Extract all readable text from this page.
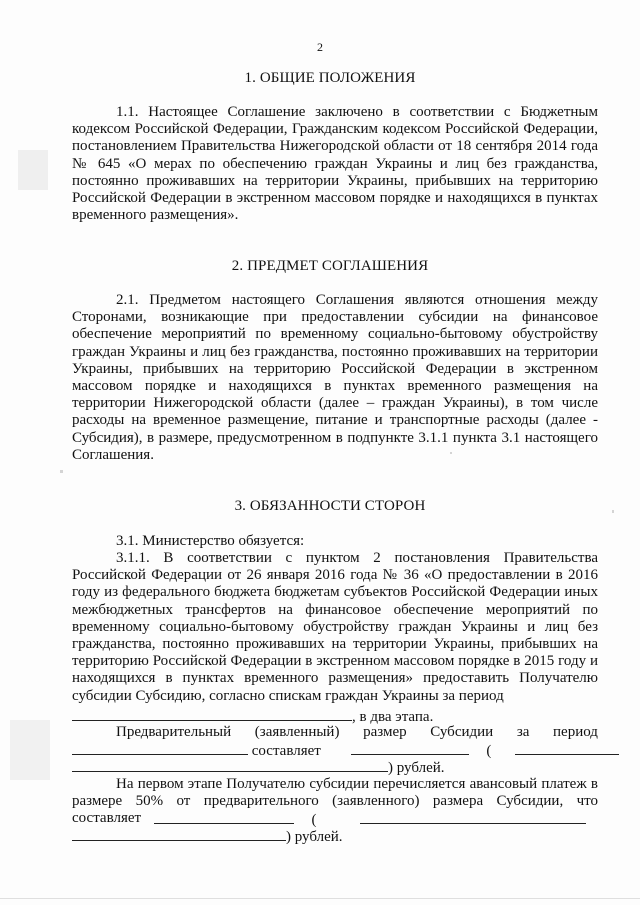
2
1. ОБЩИЕ ПОЛОЖЕНИЯ

1.1. Настоящее Соглашение заключено в соответствии с Бюджетным кодексом Российской Федерации, Гражданским кодексом Российской Федерации, постановлением Правительства Нижегородской области от 18 сентября 2014 года № 645 «О мерах по обеспечению граждан Украины и лиц без гражданства, постоянно проживавших на территории Украины, прибывших на территорию Российской Федерации в экстренном массовом порядке и находящихся в пунктах временного размещения».

2. ПРЕДМЕТ СОГЛАШЕНИЯ

2.1. Предметом настоящего Соглашения являются отношения между Сторонами, возникающие при предоставлении субсидии на финансовое обеспечение мероприятий по временному социально-бытовому обустройству граждан Украины и лиц без гражданства, постоянно проживавших на территории Украины, прибывших на территорию Российской Федерации в экстренном массовом порядке и находящихся в пунктах временного размещения на территории Нижегородской области (далее – граждан Украины), в том числе расходы на временное размещение, питание и транспортные расходы (далее - Субсидия), в размере, предусмотренном в подпункте 3.1.1 пункта 3.1 настоящего Соглашения.

3. ОБЯЗАННОСТИ СТОРОН

3.1. Министерство обязуется:

3.1.1. В соответствии с пунктом 2 постановления Правительства Российской Федерации от 26 января 2016 года № 36 «О предоставлении в 2016 году из федерального бюджета бюджетам субъектов Российской Федерации иных межбюджетных трансфертов на финансовое обеспечение мероприятий по временному социально-бытовому обустройству граждан Украины и лиц без гражданства, постоянно проживавших на территории Украины, прибывших на территорию Российской Федерации в экстренном массовом порядке в 2015 году и находящихся в пунктах временного размещения» предоставить Получателю субсидии Субсидию, согласно спискам граждан Украины за период

, в два этапа.
Предварительный (заявленный) размер Субсидии за период
составляет	(
) рублей.

На первом этапе Получателю субсидии перечисляется авансовый платеж в размере 50% от предварительного (заявленного) размера Субсидии, что составляет	(
) рублей.
